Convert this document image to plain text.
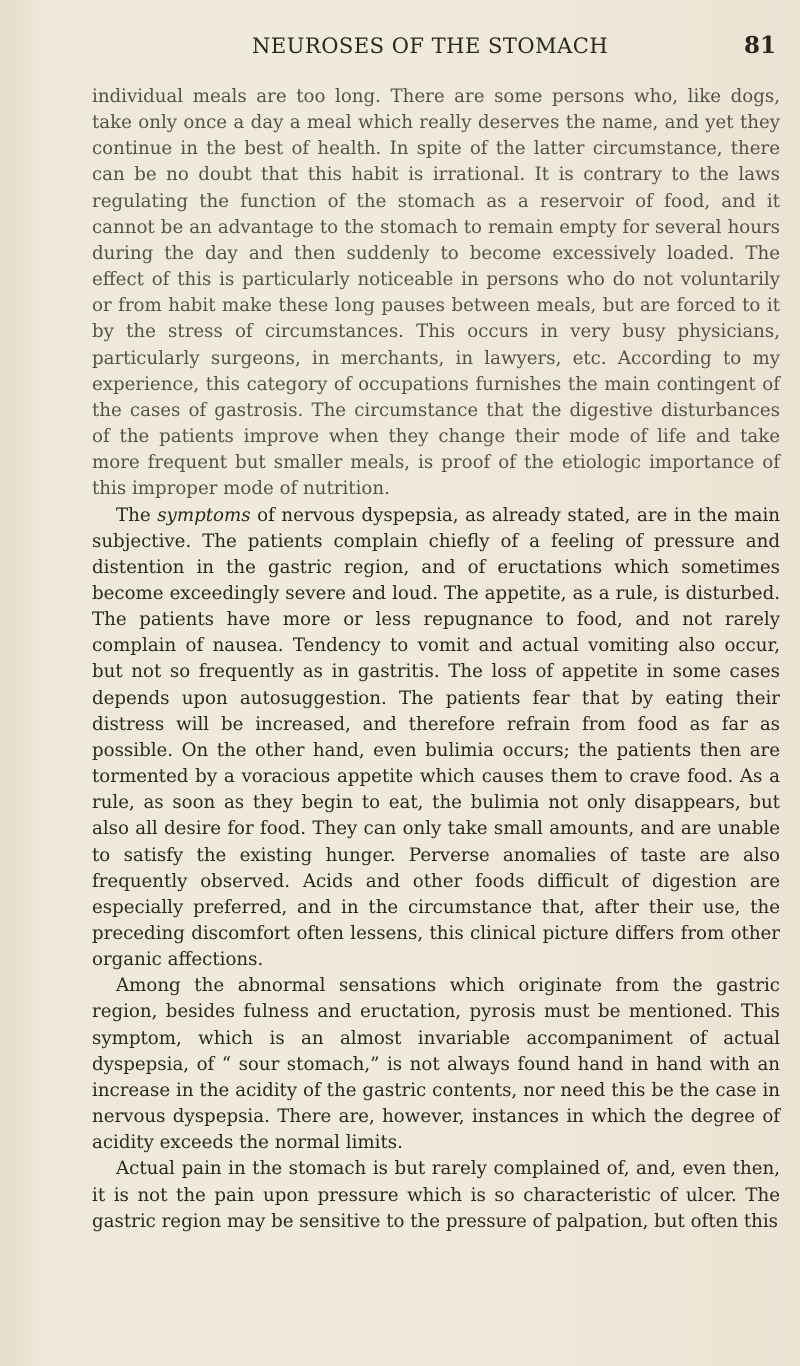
NEUROSES OF THE STOMACH	81

individual meals are too long. There are some persons who, like dogs, take only once a day a meal which really deserves the name, and yet they continue in the best of health. In spite of the latter circumstance, there can be no doubt that this habit is irrational. It is contrary to the laws regulating the function of the stomach as a reservoir of food, and it cannot be an advantage to the stomach to remain empty for several hours during the day and then suddenly to become excessively loaded. The effect of this is particularly noticeable in persons who do not voluntarily or from habit make these long pauses between meals, but are forced to it by the stress of circumstances. This occurs in very busy physicians, particularly surgeons, in merchants, in lawyers, etc. According to my experience, this category of occupations furnishes the main contingent of the cases of gastrosis. The circumstance that the digestive disturbances of the patients improve when they change their mode of life and take more frequent but smaller meals, is proof of the etiologic importance of this improper mode of nutrition.

The symptoms of nervous dyspepsia, as already stated, are in the main subjective. The patients complain chiefly of a feeling of pressure and distention in the gastric region, and of eructations which sometimes become exceedingly severe and loud. The appetite, as a rule, is disturbed. The patients have more or less repugnance to food, and not rarely complain of nausea. Tendency to vomit and actual vomiting also occur, but not so frequently as in gastritis. The loss of appetite in some cases depends upon autosuggestion. The patients fear that by eating their distress will be increased, and therefore refrain from food as far as possible. On the other hand, even bulimia occurs; the patients then are tormented by a voracious appetite which causes them to crave food. As a rule, as soon as they begin to eat, the bulimia not only disappears, but also all desire for food. They can only take small amounts, and are unable to satisfy the existing hunger. Perverse anomalies of taste are also frequently observed. Acids and other foods difficult of digestion are especially preferred, and in the circumstance that, after their use, the preceding discomfort often lessens, this clinical picture differs from other organic affections.

Among the abnormal sensations which originate from the gastric region, besides fulness and eructation, pyrosis must be mentioned. This symptom, which is an almost invariable accompaniment of actual dyspepsia, of “ sour stomach,” is not always found hand in hand with an increase in the acidity of the gastric contents, nor need this be the case in nervous dyspepsia. There are, however, instances in which the degree of acidity exceeds the normal limits.

Actual pain in the stomach is but rarely complained of, and, even then, it is not the pain upon pressure which is so characteristic of ulcer. The gastric region may be sensitive to the pressure of palpation, but often this
